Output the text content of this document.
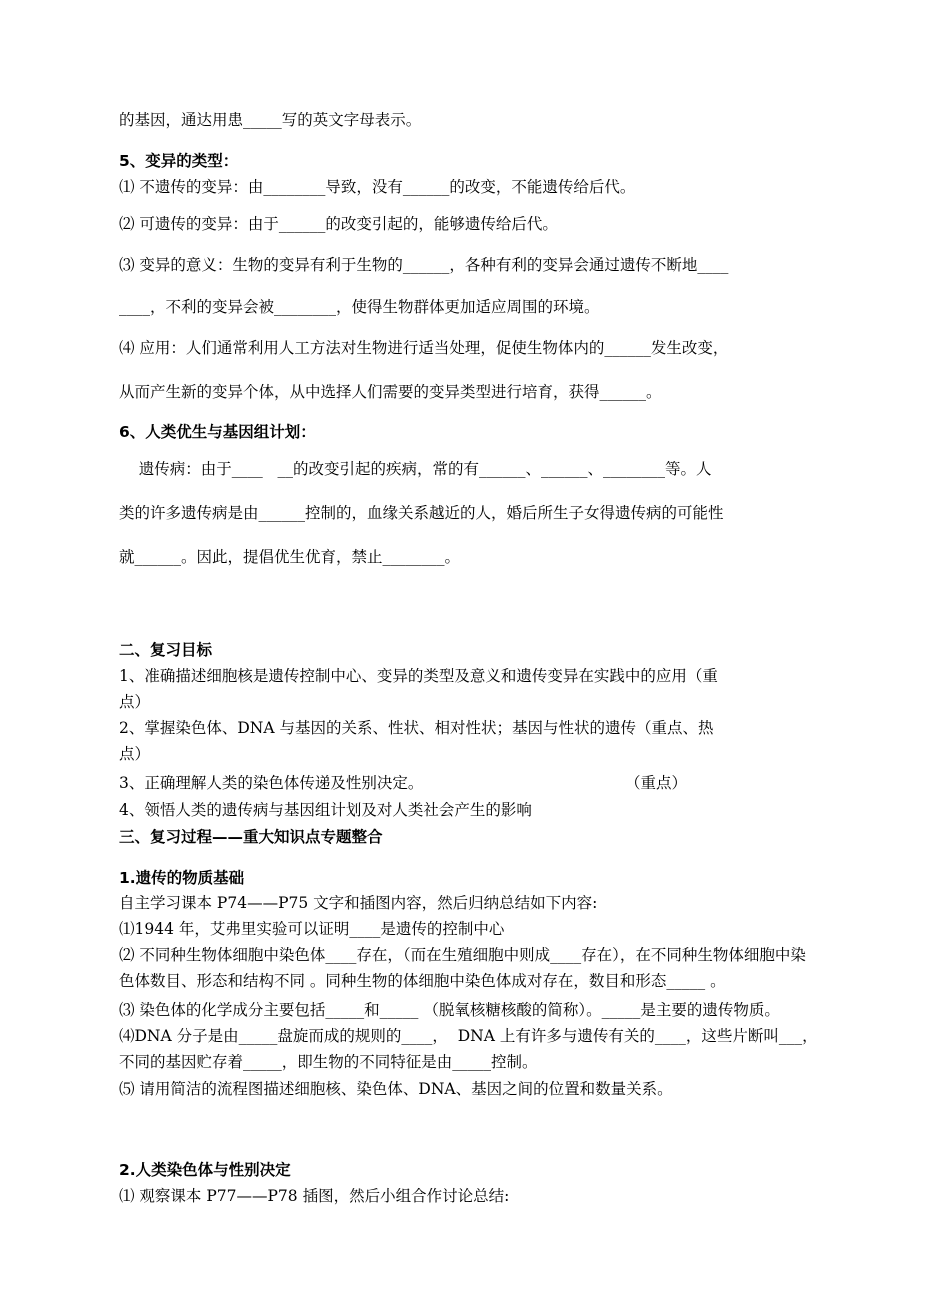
的基因，通达用患_____写的英文字母表示。

5、变异的类型：

⑴ 不遗传的变异：由________导致，没有______的改变，不能遗传给后代。

⑵ 可遗传的变异：由于______的改变引起的，能够遗传给后代。

⑶ 变异的意义：生物的变异有利于生物的______，各种有利的变异会通过遗传不断地____

____，不利的变异会被________，使得生物群体更加适应周围的环境。

⑷ 应用：人们通常利用人工方法对生物进行适当处理，促使生物体内的______发生改变，

从而产生新的变异个体，从中选择人们需要的变异类型进行培育，获得______。

6、人类优生与基因组计划：

遗传病：由于____   __的改变引起的疾病，常的有______、______、________等。人

类的许多遗传病是由______控制的，血缘关系越近的人，婚后所生子女得遗传病的可能性

就______。因此，提倡优生优育，禁止________。

二、复习目标

1、准确描述细胞核是遗传控制中心、变异的类型及意义和遗传变异在实践中的应用（重

点）

2、掌握染色体、DNA 与基因的关系、性状、相对性状；基因与性状的遗传（重点、热

点）

3、正确理解人类的染色体传递及性别决定。	（重点）

4、领悟人类的遗传病与基因组计划及对人类社会产生的影响

三、复习过程——重大知识点专题整合

1.遗传的物质基础

自主学习课本 P74——P75 文字和插图内容，然后归纳总结如下内容:

⑴1944 年，艾弗里实验可以证明____是遗传的控制中心

⑵ 不同种生物体细胞中染色体____存在，（而在生殖细胞中则成____存在），在不同种生物体细胞中染

色体数目、形态和结构不同 。同种生物的体细胞中染色体成对存在，数目和形态_____ 。

⑶ 染色体的化学成分主要包括_____和_____ （脱氧核糖核酸的简称）。_____是主要的遗传物质。

⑷DNA 分子是由_____盘旋而成的规则的____，  DNA 上有许多与遗传有关的____，这些片断叫___，

不同的基因贮存着_____，即生物的不同特征是由_____控制。

⑸ 请用简洁的流程图描述细胞核、染色体、DNA、基因之间的位置和数量关系。

2.人类染色体与性别决定

⑴ 观察课本 P77——P78 插图，然后小组合作讨论总结:
